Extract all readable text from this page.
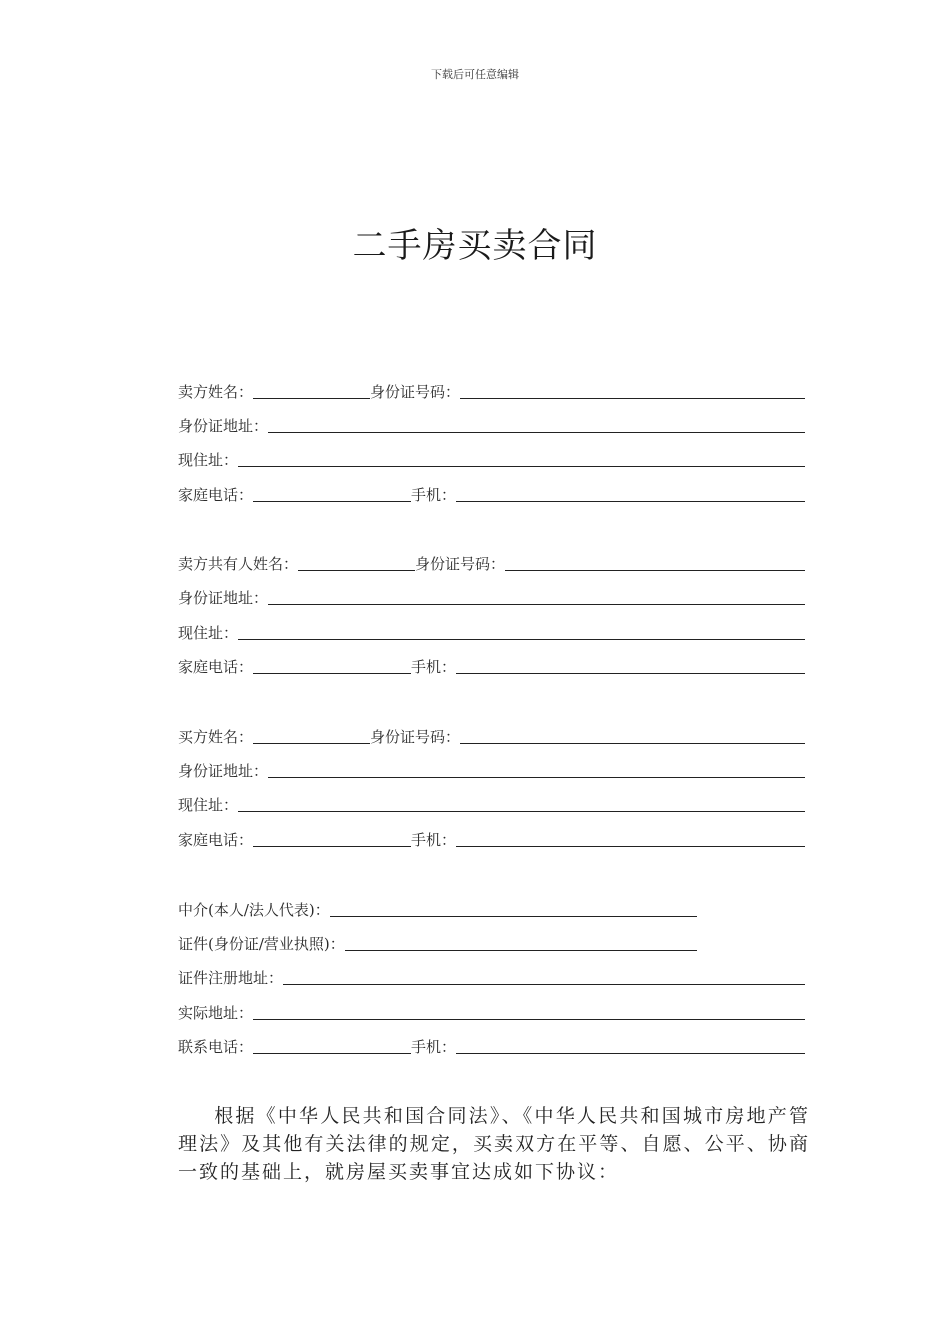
下载后可任意编辑
二手房买卖合同
卖方姓名：	身份证号码：
身份证地址：
现住址：
家庭电话：	手机：
卖方共有人姓名：	身份证号码：
身份证地址：
现住址：
家庭电话：	手机：
买方姓名：	身份证号码：
身份证地址：
现住址：
家庭电话：	手机：
中介(本人/法人代表)：
证件(身份证/营业执照)：
证件注册地址：
实际地址：
联系电话：	手机：
根据《中华人民共和国合同法》、《中华人民共和国城市房地产管理法》及其他有关法律的规定，买卖双方在平等、自愿、公平、协商一致的基础上，就房屋买卖事宜达成如下协议：
